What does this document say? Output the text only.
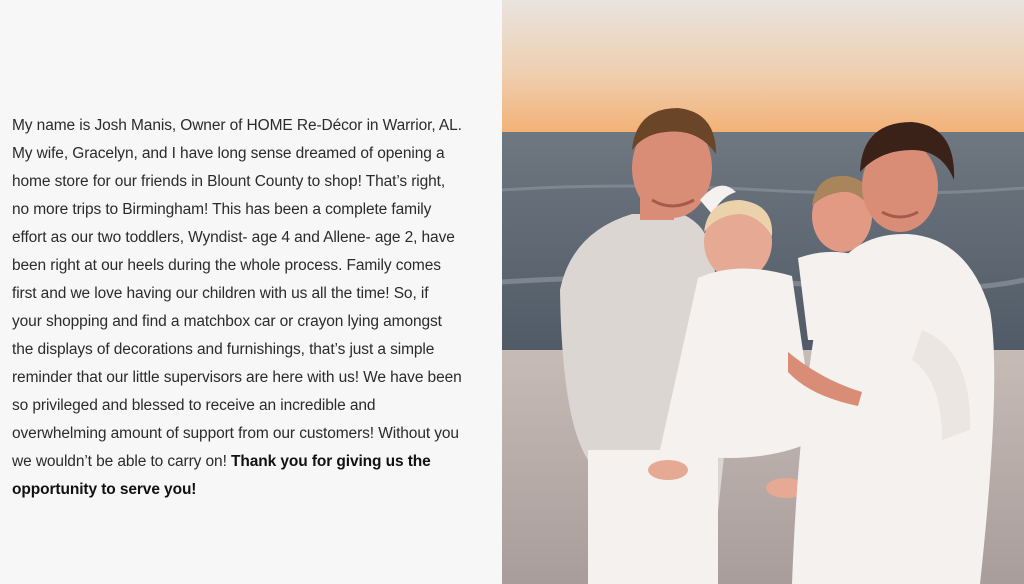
My name is Josh Manis, Owner of HOME Re-Décor in Warrior, AL. My wife, Gracelyn, and I have long sense dreamed of opening a home store for our friends in Blount County to shop! That’s right, no more trips to Birmingham! This has been a complete family effort as our two toddlers, Wyndist- age 4 and Allene- age 2, have been right at our heels during the whole process. Family comes first and we love having our children with us all the time! So, if your shopping and find a matchbox car or crayon lying amongst the displays of decorations and furnishings, that’s just a simple reminder that our little supervisors are here with us! We have been so privileged and blessed to receive an incredible and overwhelming amount of support from our customers! Without you we wouldn’t be able to carry on! Thank you for giving us the opportunity to serve you!
